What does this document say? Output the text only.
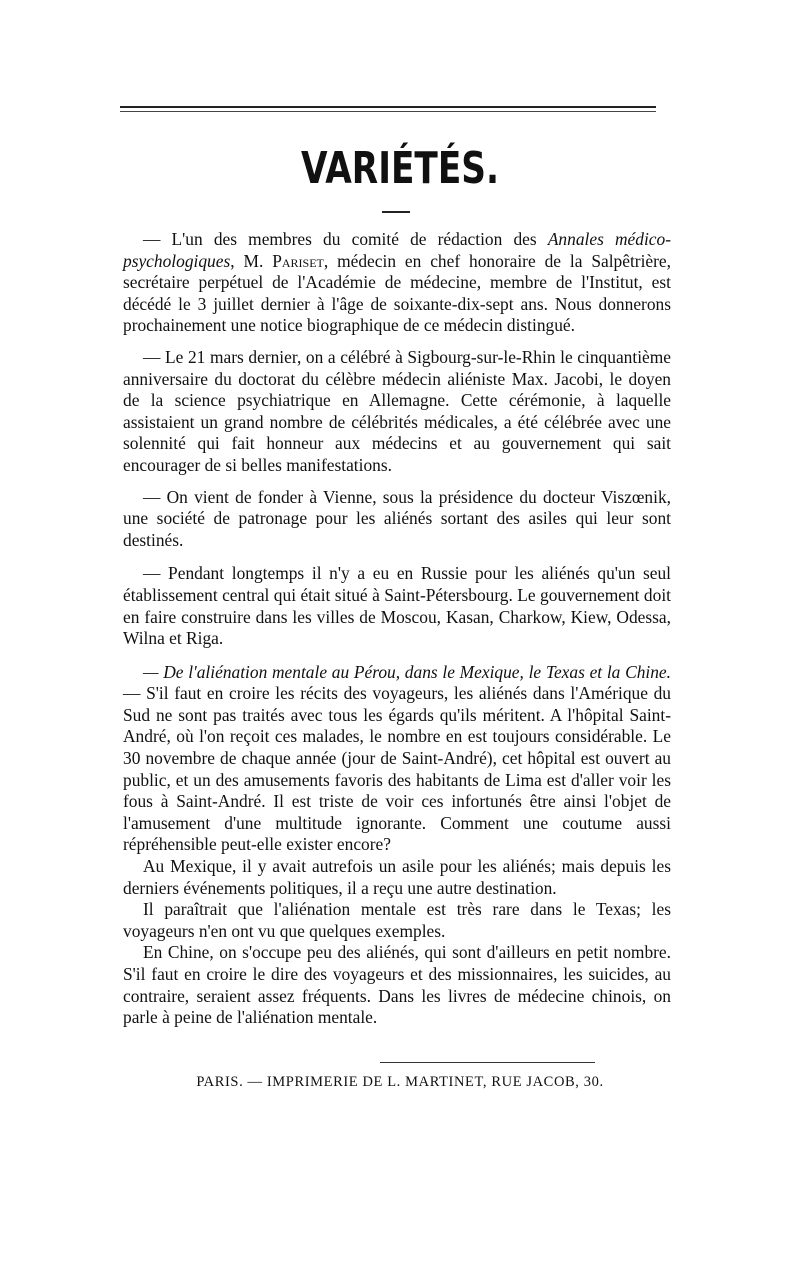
VARIÉTÉS.

— L'un des membres du comité de rédaction des Annales médico-psychologiques, M. Pariset, médecin en chef honoraire de la Salpêtrière, secrétaire perpétuel de l'Académie de médecine, membre de l'Institut, est décédé le 3 juillet dernier à l'âge de soixante-dix-sept ans. Nous donnerons prochainement une notice biographique de ce médecin distingué.

— Le 21 mars dernier, on a célébré à Sigbourg-sur-le-Rhin le cinquantième anniversaire du doctorat du célèbre médecin aliéniste Max. Jacobi, le doyen de la science psychiatrique en Allemagne. Cette cérémonie, à laquelle assistaient un grand nombre de célébrités médicales, a été célébrée avec une solennité qui fait honneur aux médecins et au gouvernement qui sait encourager de si belles manifestations.

— On vient de fonder à Vienne, sous la présidence du docteur Viszœnik, une société de patronage pour les aliénés sortant des asiles qui leur sont destinés.

— Pendant longtemps il n'y a eu en Russie pour les aliénés qu'un seul établissement central qui était situé à Saint-Pétersbourg. Le gouvernement doit en faire construire dans les villes de Moscou, Kasan, Charkow, Kiew, Odessa, Wilna et Riga.

— De l'aliénation mentale au Pérou, dans le Mexique, le Texas et la Chine. — S'il faut en croire les récits des voyageurs, les aliénés dans l'Amérique du Sud ne sont pas traités avec tous les égards qu'ils méritent. A l'hôpital Saint-André, où l'on reçoit ces malades, le nombre en est toujours considérable. Le 30 novembre de chaque année (jour de Saint-André), cet hôpital est ouvert au public, et un des amusements favoris des habitants de Lima est d'aller voir les fous à Saint-André. Il est triste de voir ces infortunés être ainsi l'objet de l'amusement d'une multitude ignorante. Comment une coutume aussi répréhensible peut-elle exister encore?

Au Mexique, il y avait autrefois un asile pour les aliénés; mais depuis les derniers événements politiques, il a reçu une autre destination.

Il paraîtrait que l'aliénation mentale est très rare dans le Texas; les voyageurs n'en ont vu que quelques exemples.

En Chine, on s'occupe peu des aliénés, qui sont d'ailleurs en petit nombre. S'il faut en croire le dire des voyageurs et des missionnaires, les suicides, au contraire, seraient assez fréquents. Dans les livres de médecine chinois, on parle à peine de l'aliénation mentale.

PARIS. — IMPRIMERIE DE L. MARTINET, RUE JACOB, 30.
